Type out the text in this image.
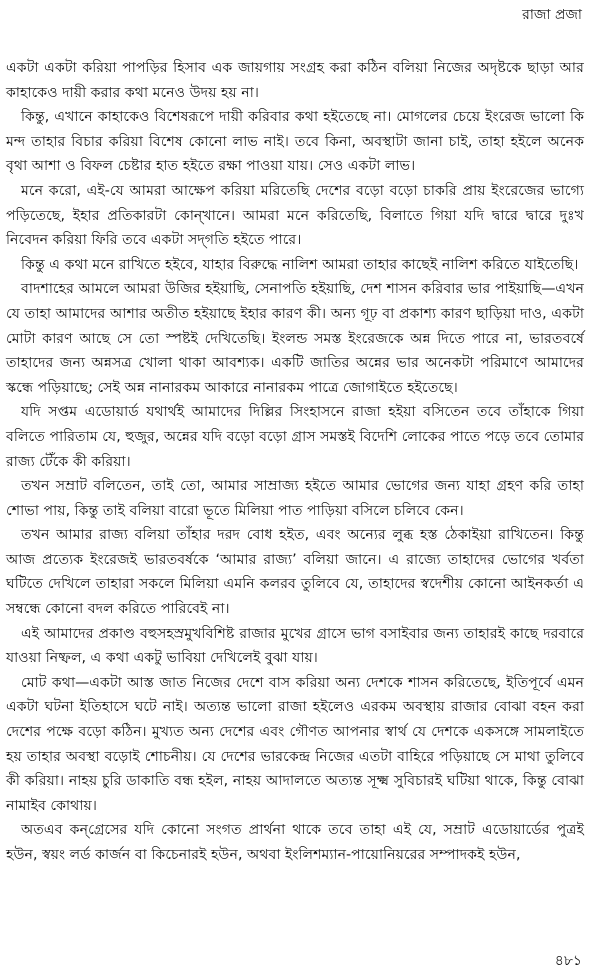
রাজা প্রজা

একটা একটা করিয়া পাপড়ির হিসাব এক জায়গায় সংগ্রহ করা কঠিন বলিয়া নিজের অদৃষ্টকে ছাড়া আর কাহাকেও দায়ী করার কথা মনেও উদয় হয় না।

কিন্তু, এখানে কাহাকেও বিশেষরূপে দায়ী করিবার কথা হইতেছে না। মোগলের চেয়ে ইংরেজ ভালো কি মন্দ তাহার বিচার করিয়া বিশেষ কোনো লাভ নাই। তবে কিনা, অবস্থাটা জানা চাই, তাহা হইলে অনেক বৃথা আশা ও বিফল চেষ্টার হাত হইতে রক্ষা পাওয়া যায়। সেও একটা লাভ।

মনে করো, এই-যে আমরা আক্ষেপ করিয়া মরিতেছি দেশের বড়ো বড়ো চাকরি প্রায় ইংরেজের ভাগ্যে পড়িতেছে, ইহার প্রতিকারটা কোন্‌খানে। আমরা মনে করিতেছি, বিলাতে গিয়া যদি দ্বারে দ্বারে দুঃখ নিবেদন করিয়া ফিরি তবে একটা সদ্‌গতি হইতে পারে।

কিন্তু এ কথা মনে রাখিতে হইবে, যাহার বিরুদ্ধে নালিশ আমরা তাহার কাছেই নালিশ করিতে যাইতেছি।

বাদশাহের আমলে আমরা উজির হইয়াছি, সেনাপতি হইয়াছি, দেশ শাসন করিবার ভার পাইয়াছি—এখন যে তাহা আমাদের আশার অতীত হইয়াছে ইহার কারণ কী। অন্য গূঢ় বা প্রকাশ্য কারণ ছাড়িয়া দাও, একটা মোটা কারণ আছে সে তো স্পষ্টই দেখিতেছি। ইংলন্ড সমস্ত ইংরেজকে অন্ন দিতে পারে না, ভারতবর্ষে তাহাদের জন্য অন্নসত্র খোলা থাকা আবশ্যক। একটি জাতির অন্নের ভার অনেকটা পরিমাণে আমাদের স্কন্ধে পড়িয়াছে; সেই অন্ন নানারকম আকারে নানারকম পাত্রে জোগাইতে হইতেছে।

যদি সপ্তম এডোয়ার্ড যথার্থই আমাদের দিল্লির সিংহাসনে রাজা হইয়া বসিতেন তবে তাঁহাকে গিয়া বলিতে পারিতাম যে, হুজুর, অন্নের যদি বড়ো বড়ো গ্রাস সমস্তই বিদেশি লোকের পাতে পড়ে তবে তোমার রাজ্য টেঁকে কী করিয়া।

তখন সম্রাট বলিতেন, তাই তো, আমার সাম্রাজ্য হইতে আমার ভোগের জন্য যাহা গ্রহণ করি তাহা শোভা পায়, কিন্তু তাই বলিয়া বারো ভূতে মিলিয়া পাত পাড়িয়া বসিলে চলিবে কেন।

তখন আমার রাজ্য বলিয়া তাঁহার দরদ বোধ হইত, এবং অন্যের লুব্ধ হস্ত ঠেকাইয়া রাখিতেন। কিন্তু আজ প্রত্যেক ইংরেজই ভারতবর্ষকে ‘আমার রাজ্য’ বলিয়া জানে। এ রাজ্যে তাহাদের ভোগের খর্বতা ঘটিতে দেখিলে তাহারা সকলে মিলিয়া এমনি কলরব তুলিবে যে, তাহাদের স্বদেশীয় কোনো আইনকর্তা এ সম্বন্ধে কোনো বদল করিতে পারিবেই না।

এই আমাদের প্রকাণ্ড বহুসহস্রমুখবিশিষ্ট রাজার মুখের গ্রাসে ভাগ বসাইবার জন্য তাহারই কাছে দরবারে যাওয়া নিষ্ফল, এ কথা একটু ভাবিয়া দেখিলেই বুঝা যায়।

মোট কথা—একটা আস্ত জাত নিজের দেশে বাস করিয়া অন্য দেশকে শাসন করিতেছে, ইতিপূর্বে এমন একটা ঘটনা ইতিহাসে ঘটে নাই। অত্যন্ত ভালো রাজা হইলেও এরকম অবস্থায় রাজার বোঝা বহন করা দেশের পক্ষে বড়ো কঠিন। মুখ্যত অন্য দেশের এবং গৌণত আপনার স্বার্থ যে দেশকে একসঙ্গে সামলাইতে হয় তাহার অবস্থা বড়োই শোচনীয়। যে দেশের ভারকেন্দ্র নিজের এতটা বাহিরে পড়িয়াছে সে মাথা তুলিবে কী করিয়া। নাহয় চুরি ডাকাতি বন্ধ হইল, নাহয় আদালতে অত্যন্ত সূক্ষ্ম সুবিচারই ঘটিয়া থাকে, কিন্তু বোঝা নামাইব কোথায়।

অতএব কন্‌গ্রেসের যদি কোনো সংগত প্রার্থনা থাকে তবে তাহা এই যে, সম্রাট এডোয়ার্ডের পুত্রই হউন, স্বয়ং লর্ড কার্জন বা কিচেনারই হউন, অথবা ইংলিশম্যান-পায়োনিয়রের সম্পাদকই হউন,

৪৮১
